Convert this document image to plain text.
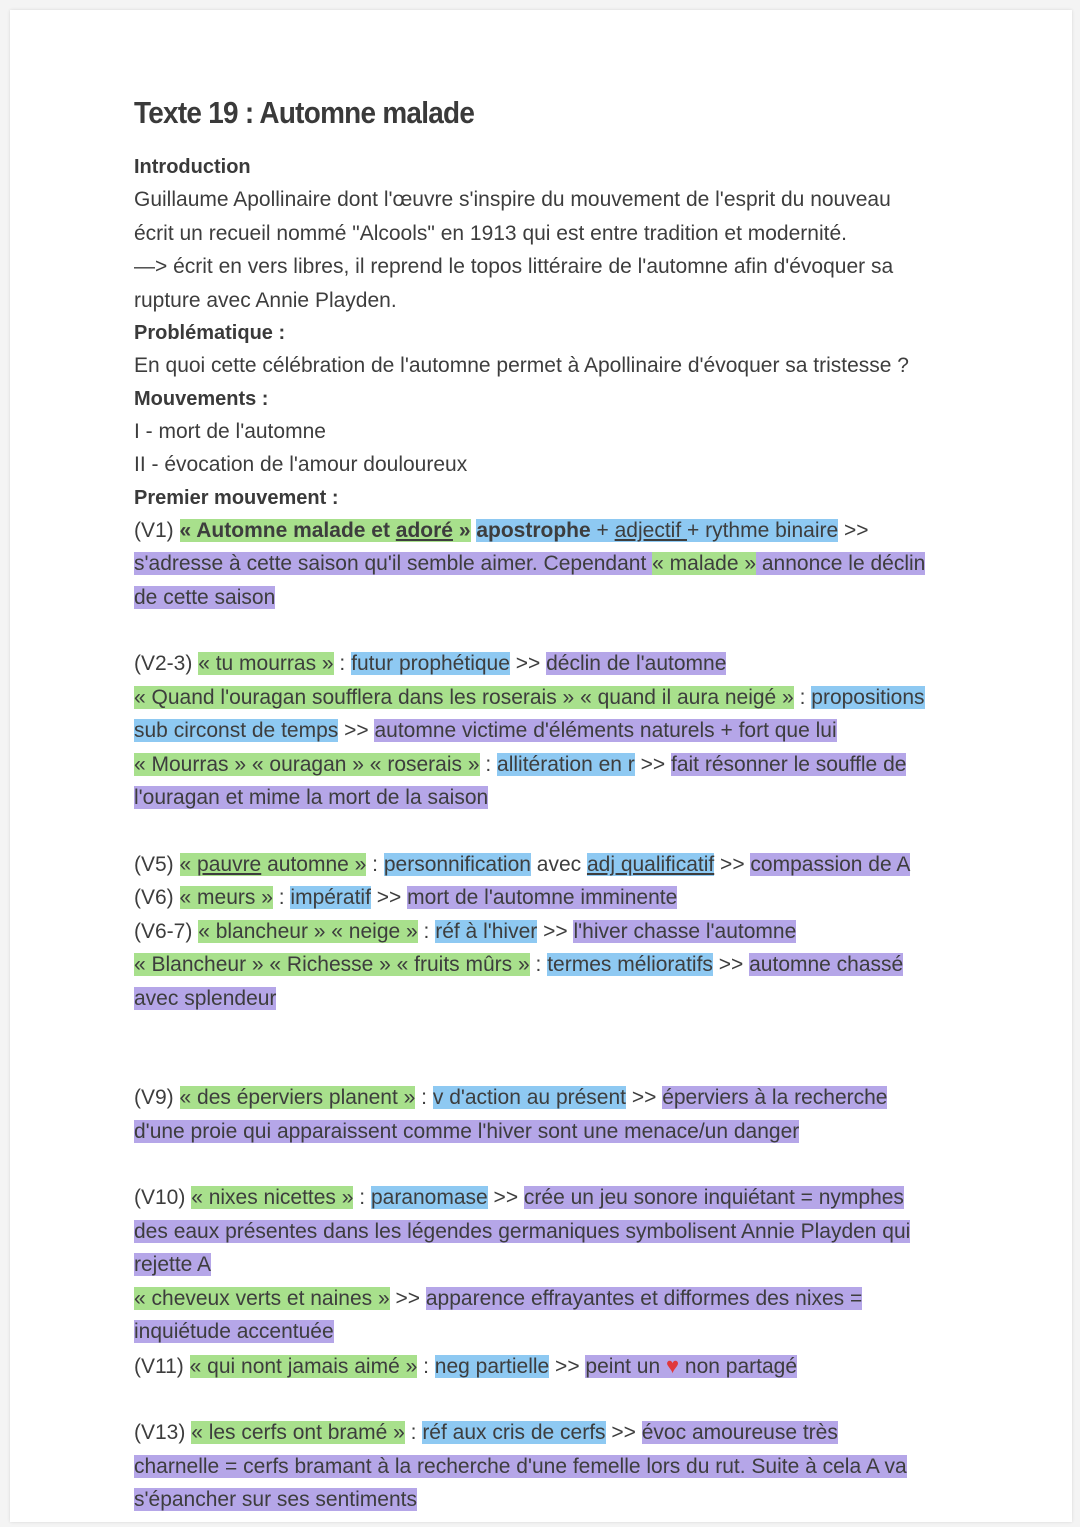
Texte 19 : Automne malade
Introduction
Guillaume Apollinaire dont l'œuvre s'inspire du mouvement de l'esprit du nouveau
écrit un recueil nommé "Alcools" en 1913 qui est entre tradition et modernité.
—> écrit en vers libres, il reprend le topos littéraire de l'automne afin d'évoquer sa
rupture avec Annie Playden.
Problématique :
En quoi cette célébration de l'automne permet à Apollinaire d'évoquer sa tristesse ?
Mouvements :
I - mort de l'automne
II - évocation de l'amour douloureux
Premier mouvement :
(V1) « Automne malade et adoré » apostrophe + adjectif + rythme binaire >>
s'adresse à cette saison qu'il semble aimer. Cependant « malade » annonce le déclin
de cette saison
(V2-3) « tu mourras » : futur prophétique >> déclin de l'automne
« Quand l'ouragan soufflera dans les roserais » « quand il aura neigé » : propositions
sub circonst de temps >> automne victime d'éléments naturels + fort que lui
« Mourras » « ouragan » « roserais » : allitération en r >> fait résonner le souffle de
l'ouragan et mime la mort de la saison
(V5) « pauvre automne » : personnification avec adj qualificatif >> compassion de A
(V6) « meurs » : impératif >> mort de l'automne imminente
(V6-7) « blancheur » « neige » : réf à l'hiver >> l'hiver chasse l'automne
« Blancheur » « Richesse » « fruits mûrs » : termes mélioratifs >> automne chassé
avec splendeur
(V9) « des éperviers planent » : v d'action au présent >> éperviers à la recherche
d'une proie qui apparaissent comme l'hiver sont une menace/un danger
(V10) « nixes nicettes » : paranomase >> crée un jeu sonore inquiétant = nymphes
des eaux présentes dans les légendes germaniques symbolisent Annie Playden qui
rejette A
« cheveux verts et naines » >> apparence effrayantes et difformes des nixes =
inquiétude accentuée
(V11) « qui nont jamais aimé » : neg partielle >> peint un ♥ non partagé
(V13) « les cerfs ont bramé » : réf aux cris de cerfs >> évoc amoureuse très
charnelle = cerfs bramant à la recherche d'une femelle lors du rut. Suite à cela A va
s'épancher sur ses sentiments
